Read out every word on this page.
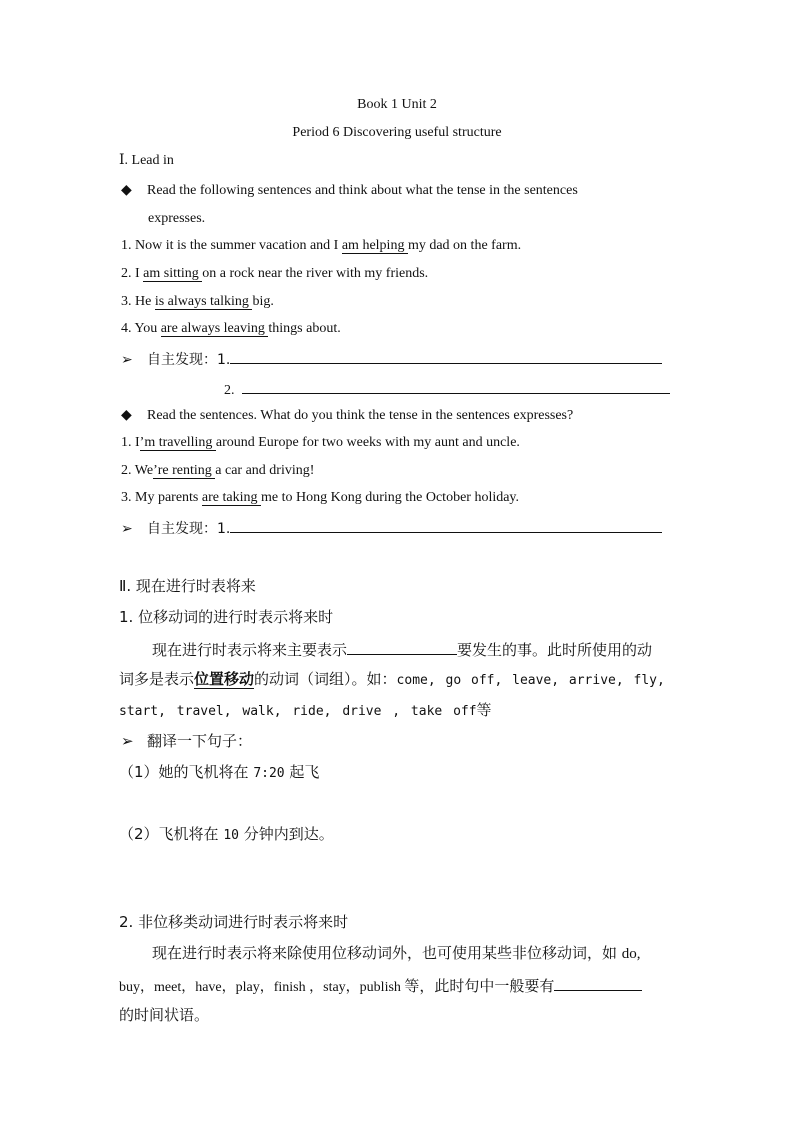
Book 1 Unit 2
Period 6 Discovering useful structure
Ⅰ. Lead in
◆ Read the following sentences and think about what the tense in the sentences
expresses.
1. Now it is the summer vacation and I am helping my dad on the farm.
2. I am sitting on a rock near the river with my friends.
3. He is always talking big.
4. You are always leaving things about.
➢ 自主发现：1.
2.
◆ Read the sentences. What do you think the tense in the sentences expresses?
1. I’m travelling around Europe for two weeks with my aunt and uncle.
2. We’re renting a car and driving!
3. My parents are taking me to Hong Kong during the October holiday.
➢ 自主发现：1.
Ⅱ. 现在进行时表将来
1. 位移动词的进行时表示将来时
现在进行时表示将来主要表示	要发生的事。此时所使用的动
词多是表示位置移动的动词（词组）。如：come, go off, leave, arrive, fly,
start, travel, walk, ride, drive , take off等
➢ 翻译一下句子：
（1）她的飞机将在 7:20 起飞
（2）飞机将在 10 分钟内到达。
2. 非位移类动词进行时表示将来时
现在进行时表示将来除使用位移动词外，也可使用某些非位移动词，如 do,
buy，meet，have，play，finish ，stay，publish 等，此时句中一般要有
的时间状语。
